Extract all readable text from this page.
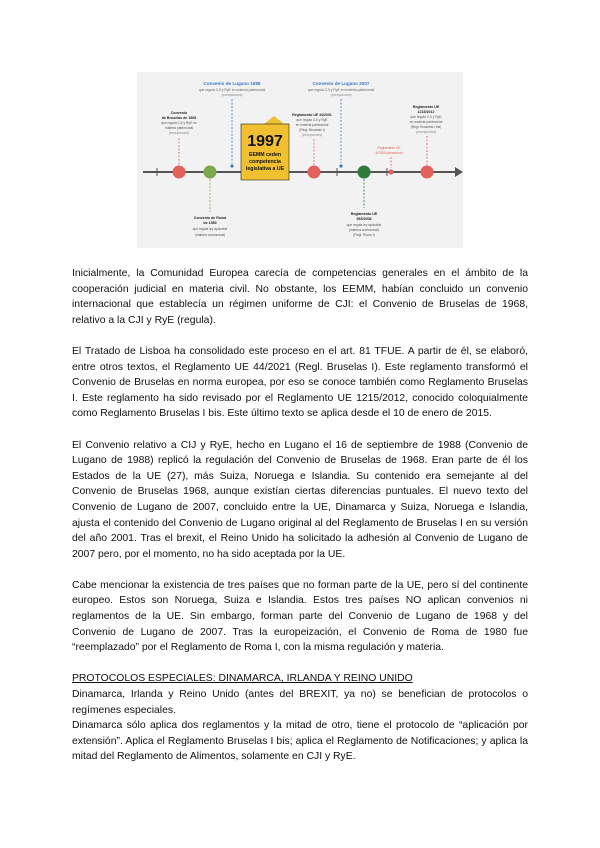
Convenio de Lugano 1988
que regula CJI y RyE en materia patrimonial
(excepciones)
Convenio de Lugano 2007
que regula CJI y RyE en materia patrimonial
(excepciones)
Convenio
de Bruselas de 1968
que regula CJI y RyE en
materia patrimonial
(excepciones)
Convenio de Roma
de 1980
que regula ley aplicable
(materia contractual)
1997
EEMM ceden
competencia
legislativa a UE
Reglamento UE 44/2001
que regula CJI y RyE
en materia patrimonial
(Regl. Bruselas I)
(excepciones)
Reglamento UE
593/2008
que regula ley aplicable
(materia contractual)
(Regl. Roma I)
Reglamento UE
4/2009 (alimentos)
Reglamento UE
1215/2012
que regula CJI y RyE
en materia patrimonial
(Regl. Bruselas I bis)
(excepciones)

Inicialmente, la Comunidad Europea carecía de competencias generales en el ámbito de la cooperación judicial en materia civil. No obstante, los EEMM, habían concluido un convenio internacional que establecía un régimen uniforme de CJI: el Convenio de Bruselas de 1968, relativo a la CJI y RyE (regula).

El Tratado de Lisboa ha consolidado este proceso en el art. 81 TFUE. A partir de él, se elaboró, entre otros textos, el Reglamento UE 44/2021 (Regl. Bruselas I). Este reglamento transformó el Convenio de Bruselas en norma europea, por eso se conoce también como Reglamento Bruselas I. Este reglamento ha sido revisado por el Reglamento UE 1215/2012, conocido coloquialmente como Reglamento Bruselas I bis. Este último texto se aplica desde el 10 de enero de 2015.

El Convenio relativo a CIJ y RyE, hecho en Lugano el 16 de septiembre de 1988 (Convenio de Lugano de 1988) replicó la regulación del Convenio de Bruselas de 1968. Eran parte de él los Estados de la UE (27), más Suiza, Noruega e Islandia. Su contenido era semejante al del Convenio de Bruselas 1968, aunque existían ciertas diferencias puntuales. El nuevo texto del Convenio de Lugano de 2007, concluido entre la UE, Dinamarca y Suiza, Noruega e Islandia, ajusta el contenido del Convenio de Lugano original al del Reglamento de Bruselas I en su versión del año 2001. Tras el brexit, el Reino Unido ha solicitado la adhesión al Convenio de Lugano de 2007 pero, por el momento, no ha sido aceptada por la UE.

Cabe mencionar la existencia de tres países que no forman parte de la UE, pero sí del continente europeo. Estos son Noruega, Suiza e Islandia. Estos tres países NO aplican convenios ni reglamentos de la UE. Sin embargo, forman parte del Convenio de Lugano de 1968 y del Convenio de Lugano de 2007. Tras la europeización, el Convenio de Roma de 1980 fue “reemplazado” por el Reglamento de Roma I, con la misma regulación y materia.

PROTOCOLOS ESPECIALES: DINAMARCA, IRLANDA Y REINO UNIDO

Dinamarca, Irlanda y Reino Unido (antes del BREXIT, ya no) se benefician de protocolos o regímenes especiales.

Dinamarca sólo aplica dos reglamentos y la mitad de otro, tiene el protocolo de “aplicación por extensión”. Aplica el Reglamento Bruselas I bis; aplica el Reglamento de Notificaciones; y aplica la mitad del Reglamento de Alimentos, solamente en CJI y RyE.
